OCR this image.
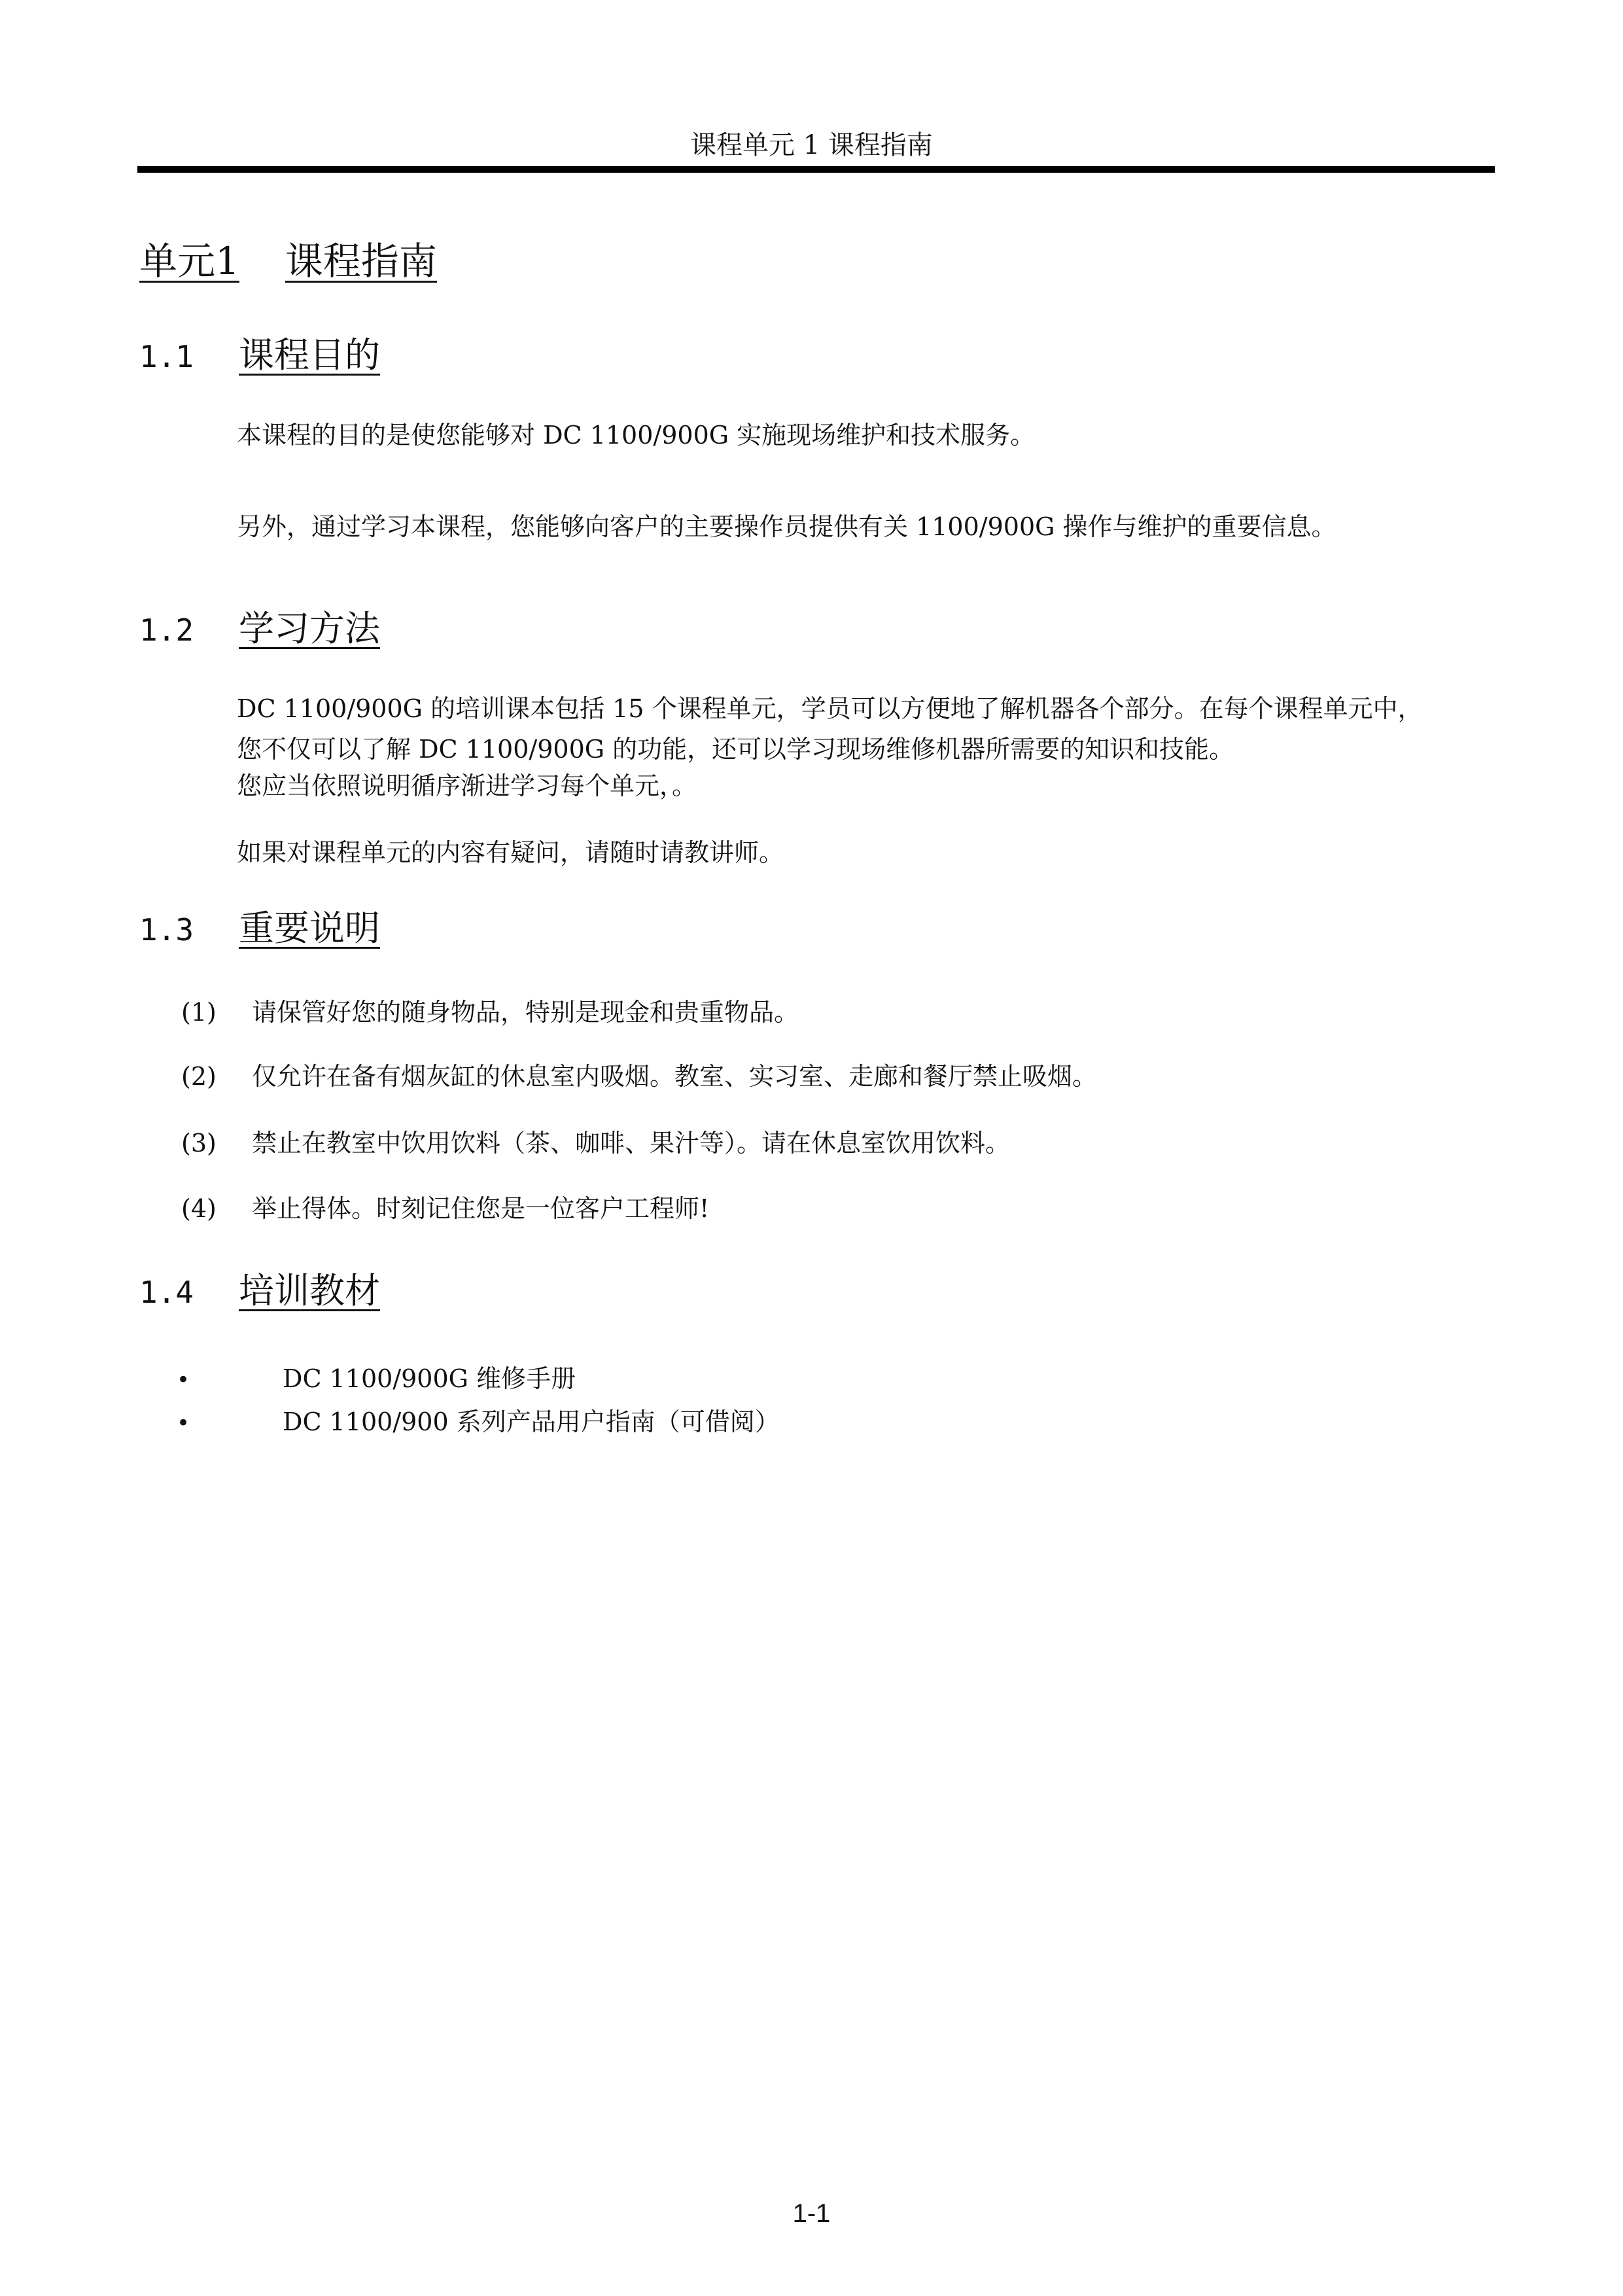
课程单元 1 课程指南
单元1 课程指南
1.1 课程目的

本课程的目的是使您能够对 DC 1100/900G 实施现场维护和技术服务。

另外，通过学习本课程，您能够向客户的主要操作员提供有关 1100/900G 操作与维护的重要信息。

1.2 学习方法

DC 1100/900G 的培训课本包括 15 个课程单元，学员可以方便地了解机器各个部分。在每个课程单元中，

您不仅可以了解 DC 1100/900G 的功能，还可以学习现场维修机器所需要的知识和技能。

您应当依照说明循序渐进学习每个单元，。

如果对课程单元的内容有疑问，请随时请教讲师。

1.3 重要说明
(1) 请保管好您的随身物品，特别是现金和贵重物品。
(2) 仅允许在备有烟灰缸的休息室内吸烟。教室、实习室、走廊和餐厅禁止吸烟。
(3) 禁止在教室中饮用饮料（茶、咖啡、果汁等）。请在休息室饮用饮料。
(4) 举止得体。时刻记住您是一位客户工程师!
1.4 培训教材
•	DC 1100/900G 维修手册
•	DC 1100/900 系列产品用户指南（可借阅）
1-1
